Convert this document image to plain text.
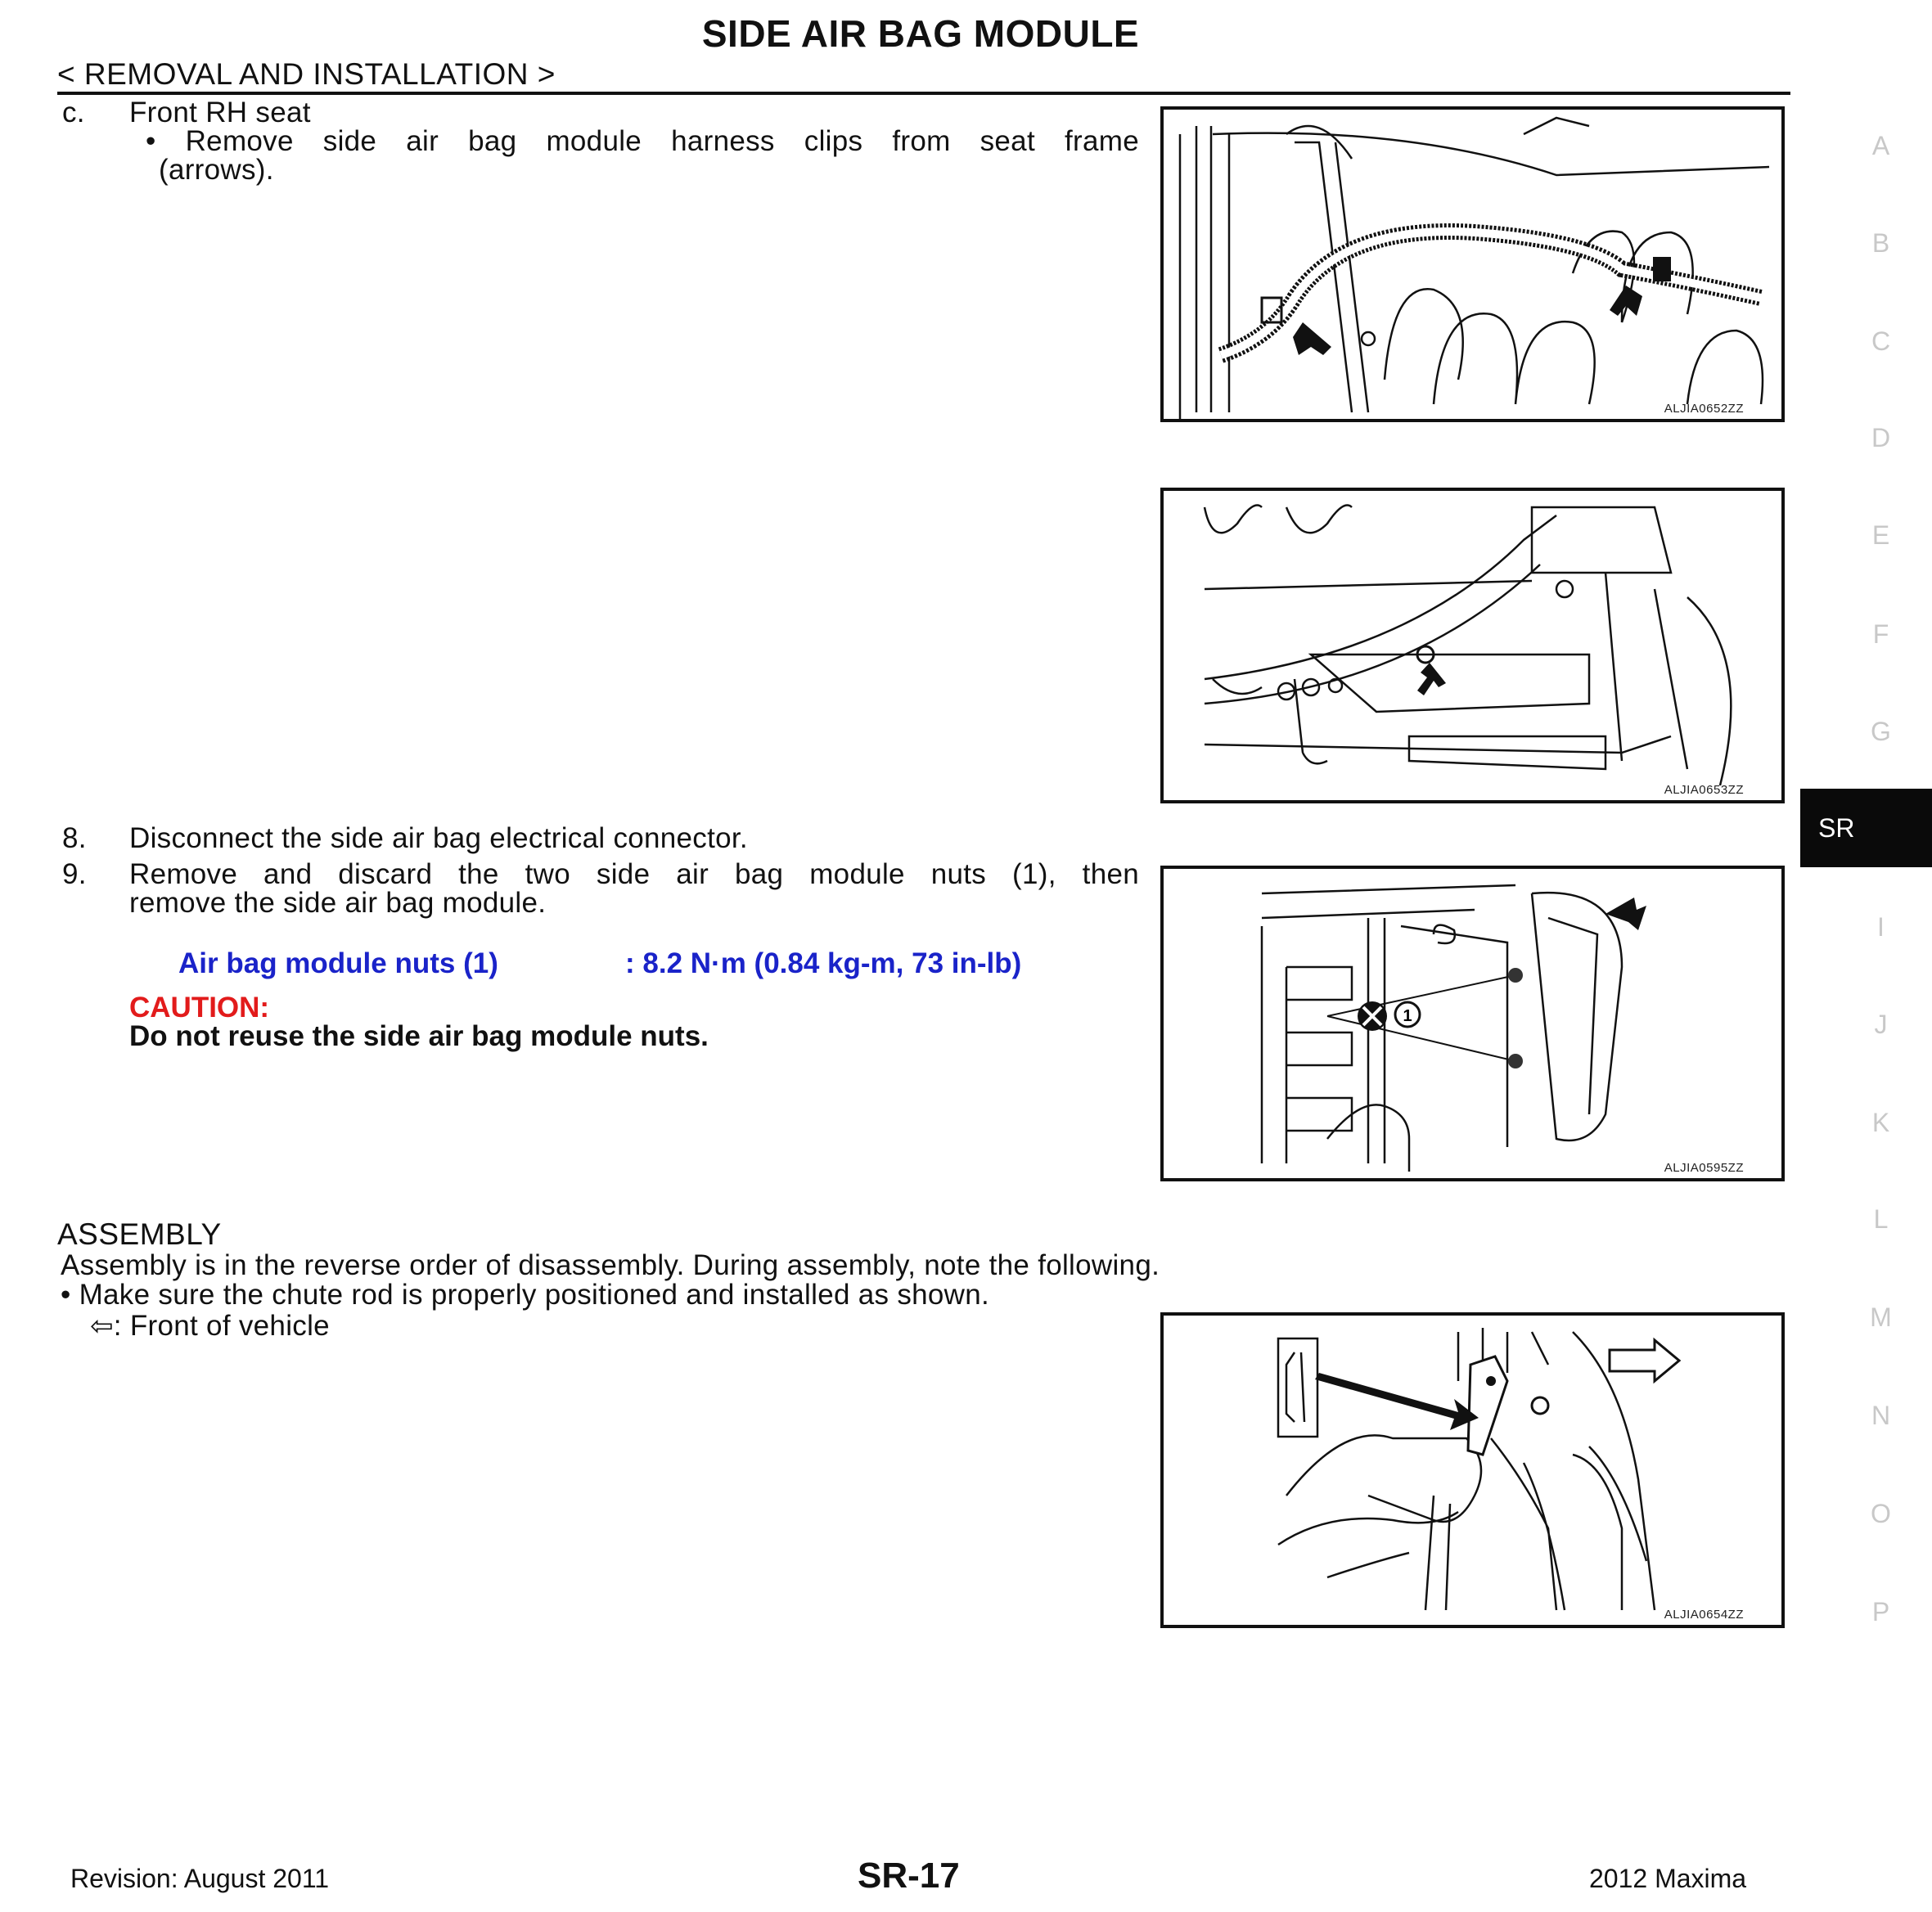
SIDE AIR BAG MODULE
< REMOVAL AND INSTALLATION >
c. Front RH seat
• Remove side air bag module harness clips from seat frame
(arrows).
8. Disconnect the side air bag electrical connector.
9. Remove and discard the two side air bag module nuts (1), then
remove the side air bag module.
Air bag module nuts (1)	: 8.2 N·m (0.84 kg-m, 73 in-lb)
CAUTION:
Do not reuse the side air bag module nuts.
ASSEMBLY
Assembly is in the reverse order of disassembly. During assembly, note the following.
• Make sure the chute rod is properly positioned and installed as shown.
⇦: Front of vehicle
ALJIA0652ZZ
ALJIA0653ZZ
1
ALJIA0595ZZ
ALJIA0654ZZ
A
B
C
D
E
F
G
SR
I
J
K
L
M
N
O
P
Revision: August 2011	SR-17	2012 Maxima
